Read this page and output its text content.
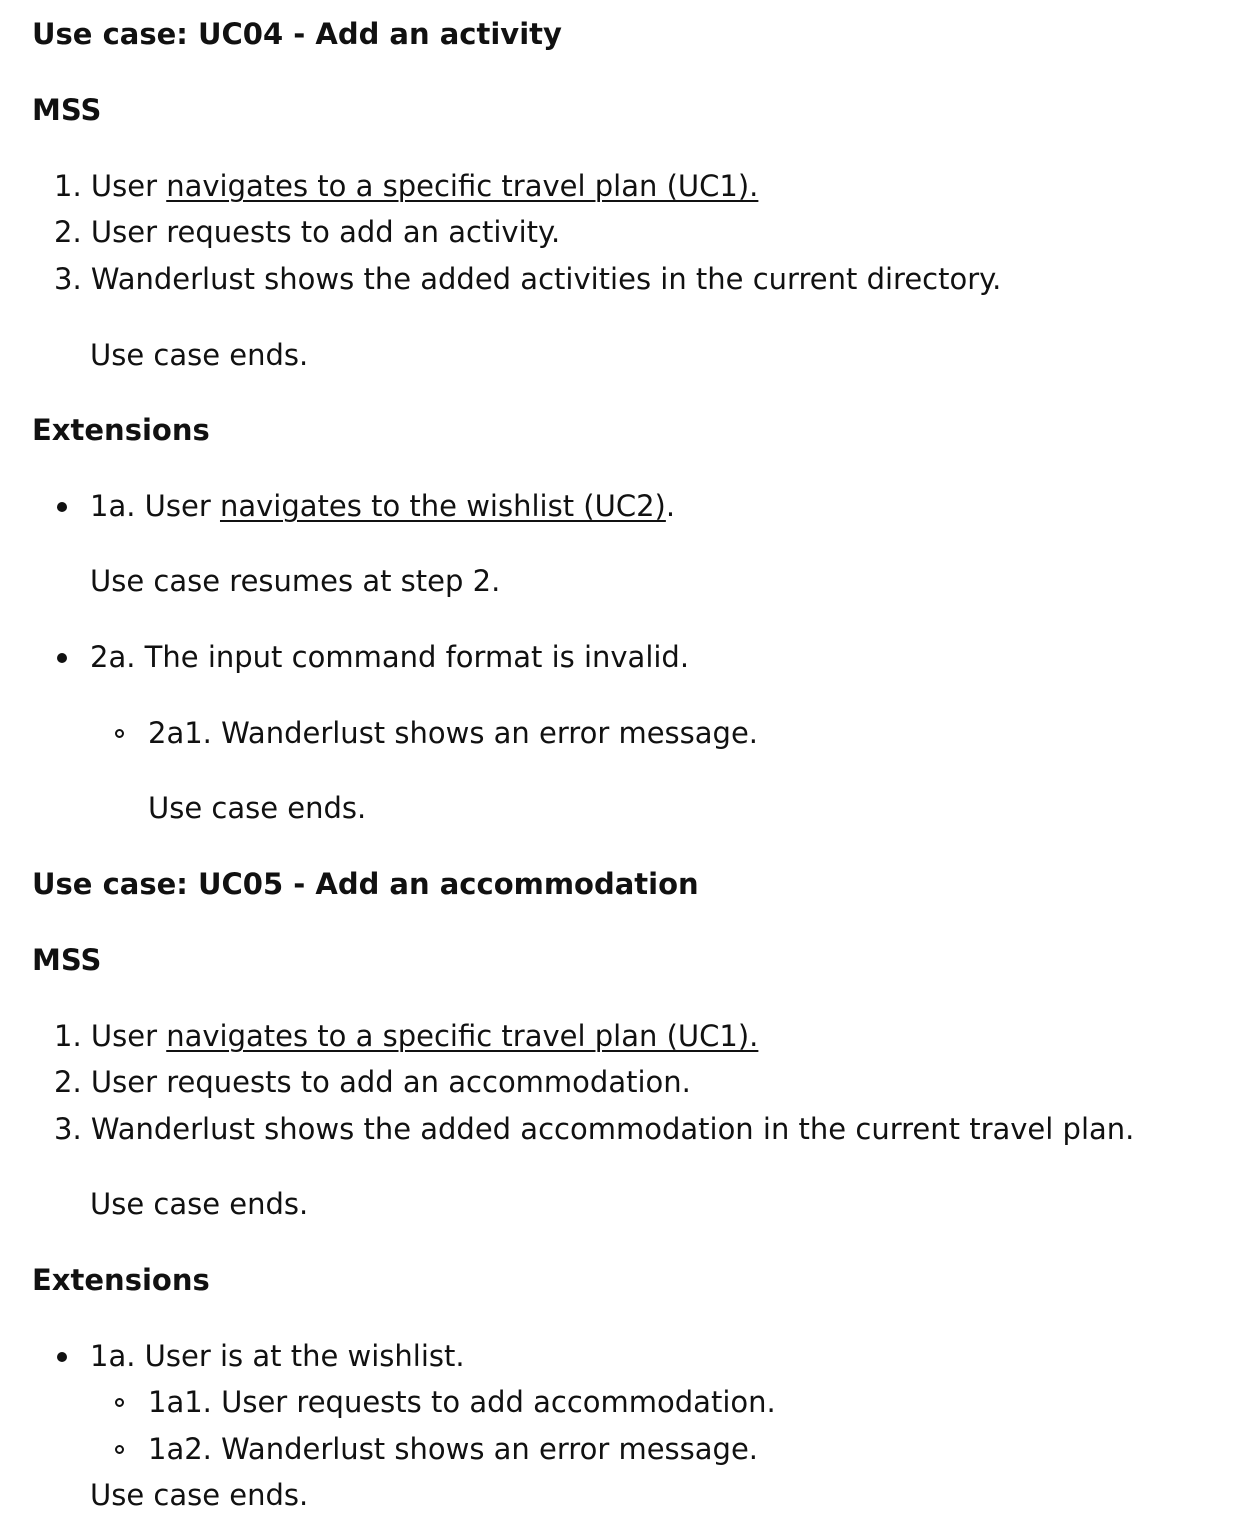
Use case: UC04 - Add an activity
MSS
1. User navigates to a specific travel plan (UC1).
2. User requests to add an activity.
3. Wanderlust shows the added activities in the current directory.
Use case ends.
Extensions
1a. User navigates to the wishlist (UC2).
Use case resumes at step 2.
2a. The input command format is invalid.
2a1. Wanderlust shows an error message.
Use case ends.
Use case: UC05 - Add an accommodation
MSS
1. User navigates to a specific travel plan (UC1).
2. User requests to add an accommodation.
3. Wanderlust shows the added accommodation in the current travel plan.
Use case ends.
Extensions
1a. User is at the wishlist.
1a1. User requests to add accommodation.
1a2. Wanderlust shows an error message.
Use case ends.
